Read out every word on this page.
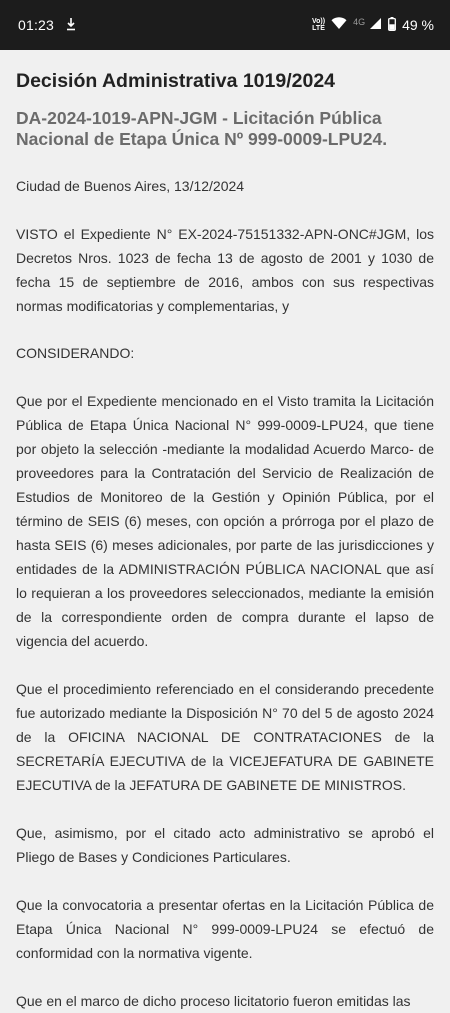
01:23	Vo))
LTE
4G	49 %
Decisión Administrativa 1019/2024
DA-2024-1019-APN-JGM - Licitación Pública Nacional de Etapa Única Nº 999-0009-LPU24.

Ciudad de Buenos Aires, 13/12/2024

VISTO el Expediente N° EX-2024-75151332-APN-ONC#JGM, los Decretos Nros. 1023 de fecha 13 de agosto de 2001 y 1030 de fecha 15 de septiembre de 2016, ambos con sus respectivas normas modificatorias y complementarias, y

CONSIDERANDO:

Que por el Expediente mencionado en el Visto tramita la Licitación Pública de Etapa Única Nacional N° 999-0009-LPU24, que tiene por objeto la selección -mediante la modalidad Acuerdo Marco- de proveedores para la Contratación del Servicio de Realización de Estudios de Monitoreo de la Gestión y Opinión Pública, por el término de SEIS (6) meses, con opción a prórroga por el plazo de hasta SEIS (6) meses adicionales, por parte de las jurisdicciones y entidades de la ADMINISTRACIÓN PÚBLICA NACIONAL que así lo requieran a los proveedores seleccionados, mediante la emisión de la correspondiente orden de compra durante el lapso de vigencia del acuerdo.

Que el procedimiento referenciado en el considerando precedente fue autorizado mediante la Disposición N° 70 del 5 de agosto 2024 de la OFICINA NACIONAL DE CONTRATACIONES de la SECRETARÍA EJECUTIVA de la VICEJEFATURA DE GABINETE EJECUTIVA de la JEFATURA DE GABINETE DE MINISTROS.

Que, asimismo, por el citado acto administrativo se aprobó el Pliego de Bases y Condiciones Particulares.

Que la convocatoria a presentar ofertas en la Licitación Pública de Etapa Única Nacional N° 999-0009-LPU24 se efectuó de conformidad con la normativa vigente.

Que en el marco de dicho proceso licitatorio fueron emitidas las
